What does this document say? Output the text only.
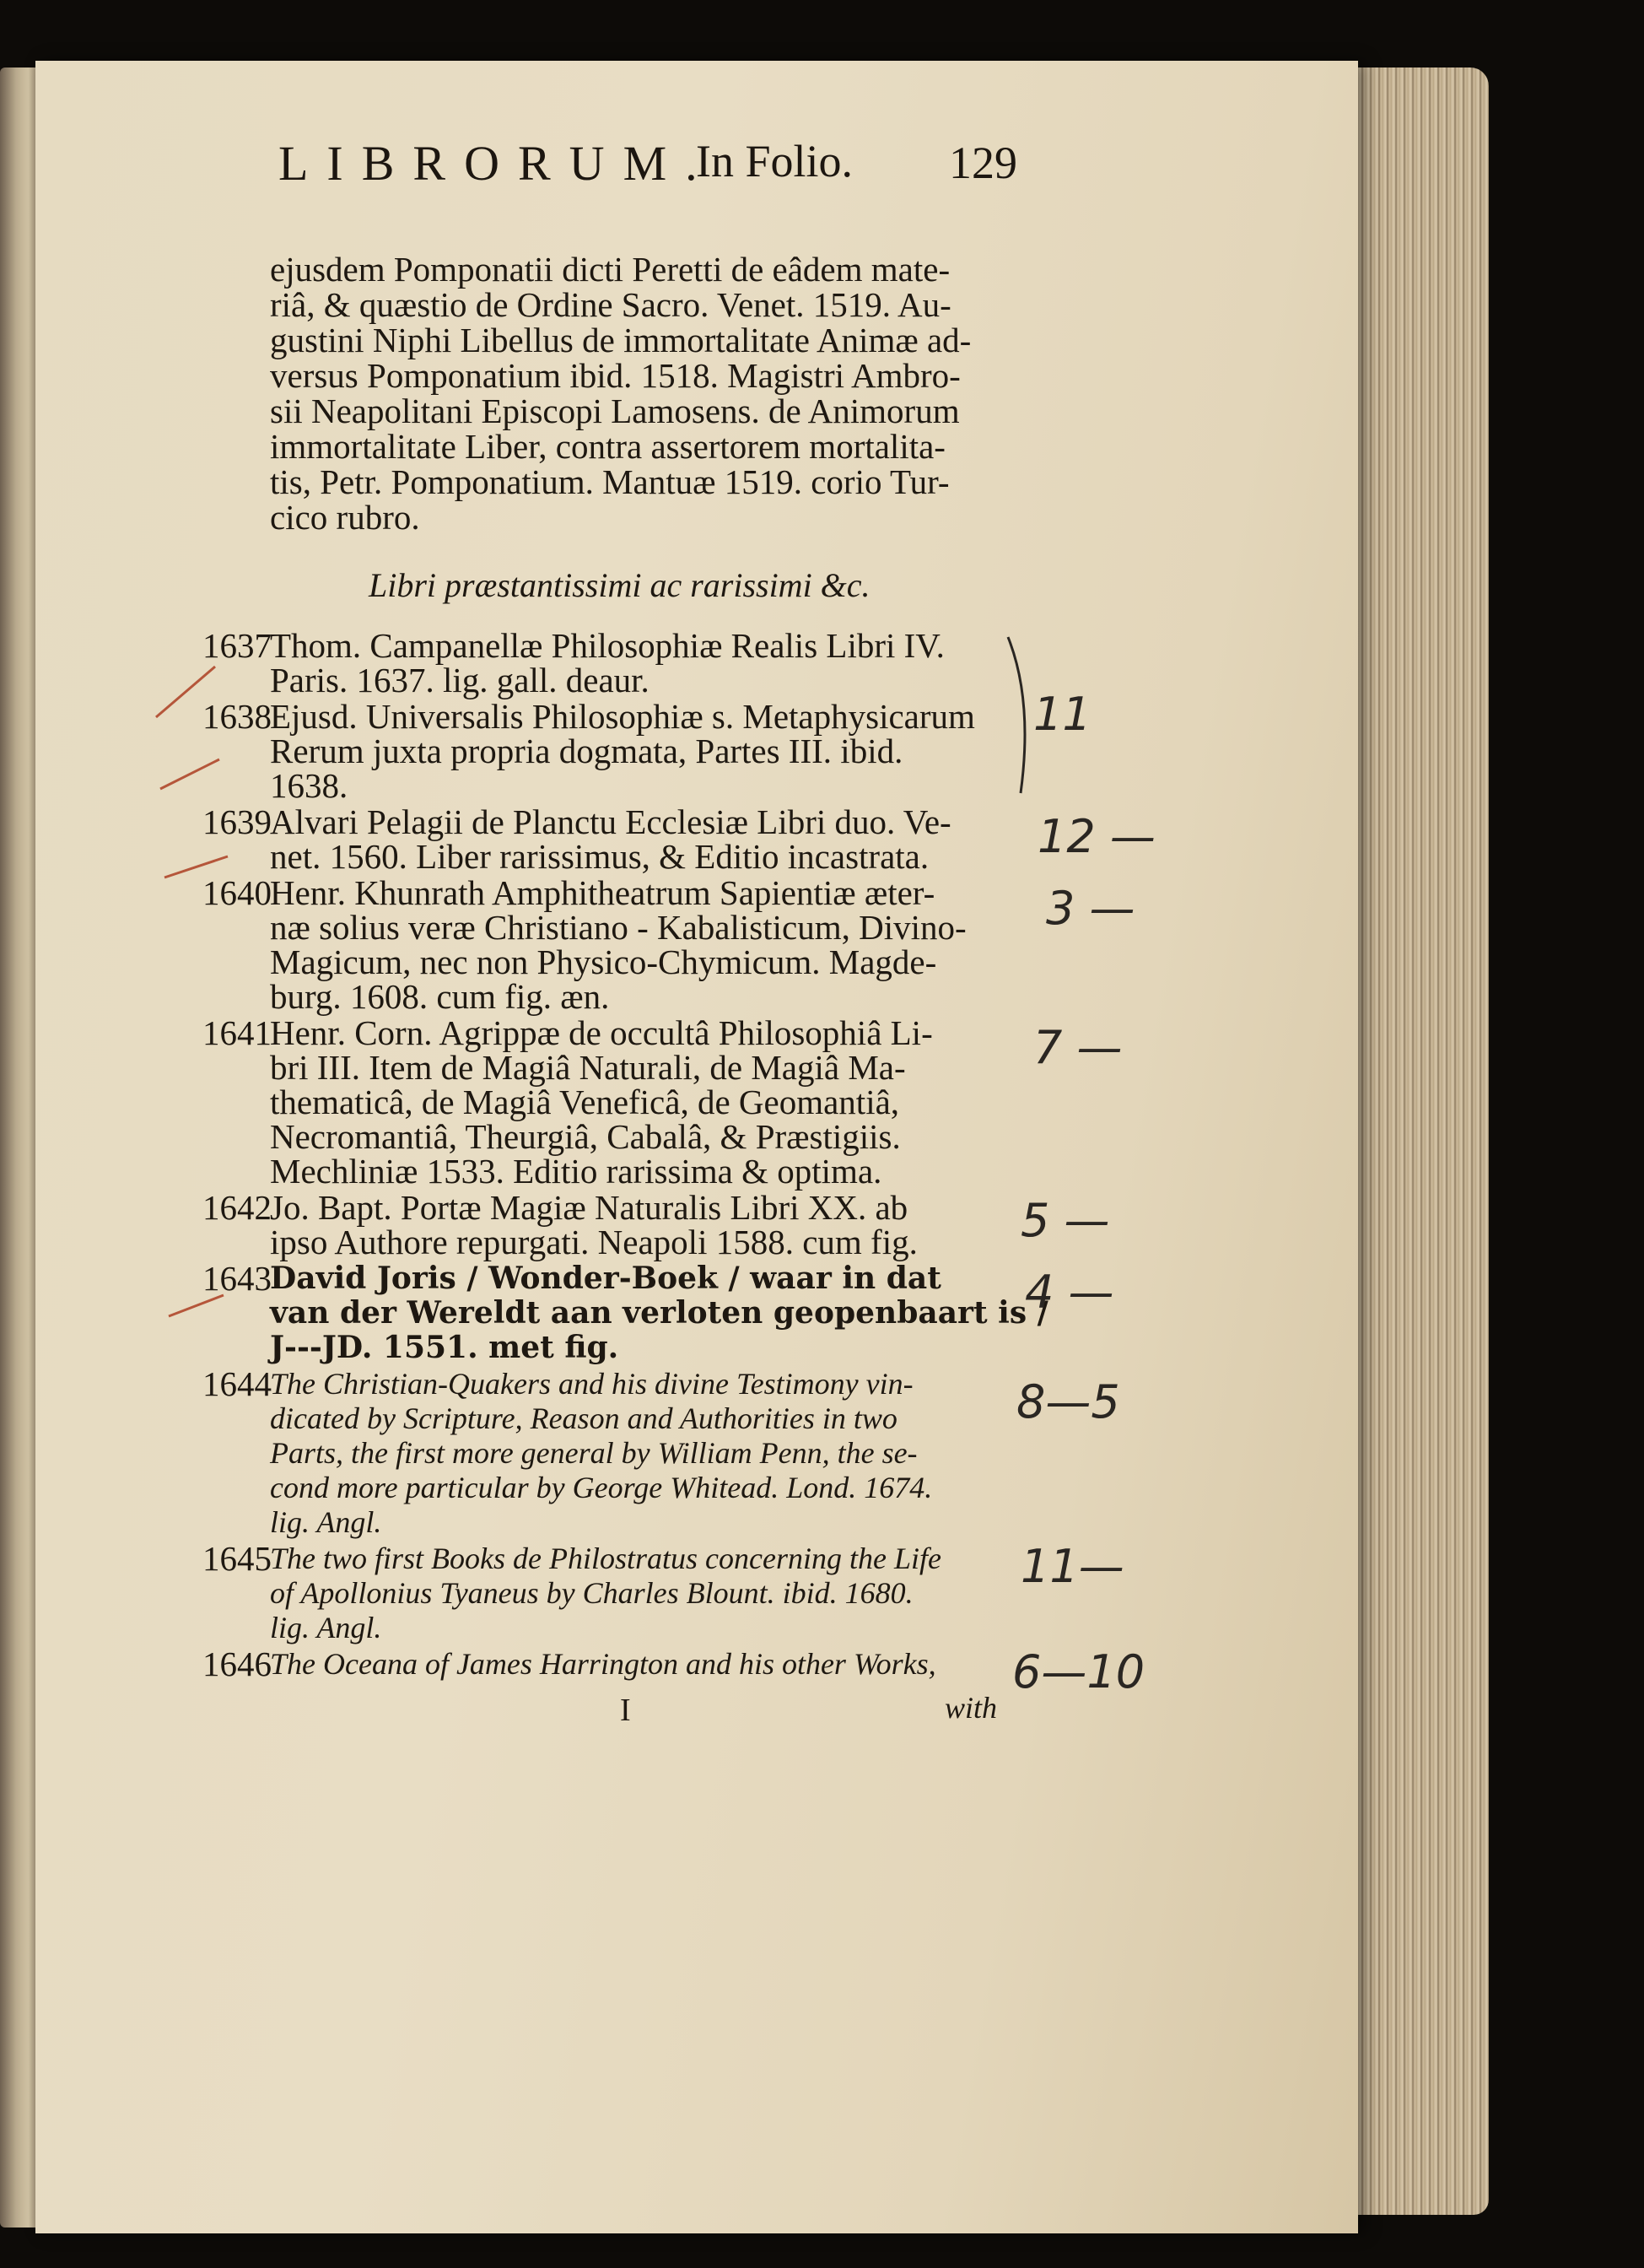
LIBRORUM.
In Folio. 129
ejusdem Pomponatii dicti Peretti de eâdem mate-
riâ, & quæstio de Ordine Sacro. Venet. 1519. Au-
gustini Niphi Libellus de immortalitate Animæ ad-
versus Pomponatium ibid. 1518. Magistri Ambro-
sii Neapolitani Episcopi Lamosens. de Animorum
immortalitate Liber, contra assertorem mortalita-
tis, Petr. Pomponatium. Mantuæ 1519. corio Tur-
cico rubro.
Libri præstantissimi ac rarissimi &c.
1637
Thom. Campanellæ Philosophiæ Realis Libri IV.
Paris. 1637. lig. gall. deaur.
1638
Ejusd. Universalis Philosophiæ s. Metaphysicarum
Rerum juxta propria dogmata, Partes III. ibid.
1638.
1639
Alvari Pelagii de Planctu Ecclesiæ Libri duo. Ve-
net. 1560. Liber rarissimus, & Editio incastrata.
1640
Henr. Khunrath Amphitheatrum Sapientiæ æter-
næ solius veræ Christiano - Kabalisticum, Divino-
Magicum, nec non Physico-Chymicum. Magde-
burg. 1608. cum fig. æn.
1641
Henr. Corn. Agrippæ de occultâ Philosophiâ Li-
bri III. Item de Magiâ Naturali, de Magiâ Ma-
thematicâ, de Magiâ Veneficâ, de Geomantiâ,
Necromantiâ, Theurgiâ, Cabalâ, & Præstigiis.
Mechliniæ 1533. Editio rarissima & optima.
1642
Jo. Bapt. Portæ Magiæ Naturalis Libri XX. ab
ipso Authore repurgati. Neapoli 1588. cum fig.
1643
David Joris / Wonder-Boek / waar in dat
van der Wereldt aan verloten geopenbaart is /
J---JD. 1551. met fig.
1644
The Christian-Quakers and his divine Testimony vin-
dicated by Scripture, Reason and Authorities in two
Parts, the first more general by William Penn, the se-
cond more particular by George Whitead. Lond. 1674.
lig. Angl.
1645
The two first Books de Philostratus concerning the Life
of Apollonius Tyaneus by Charles Blount. ibid. 1680.
lig. Angl.
1646
The Oceana of James Harrington and his other Works,
I	with
11
12 —
3 —
7 —
5 —
4 —
8—5
11—
6—10
